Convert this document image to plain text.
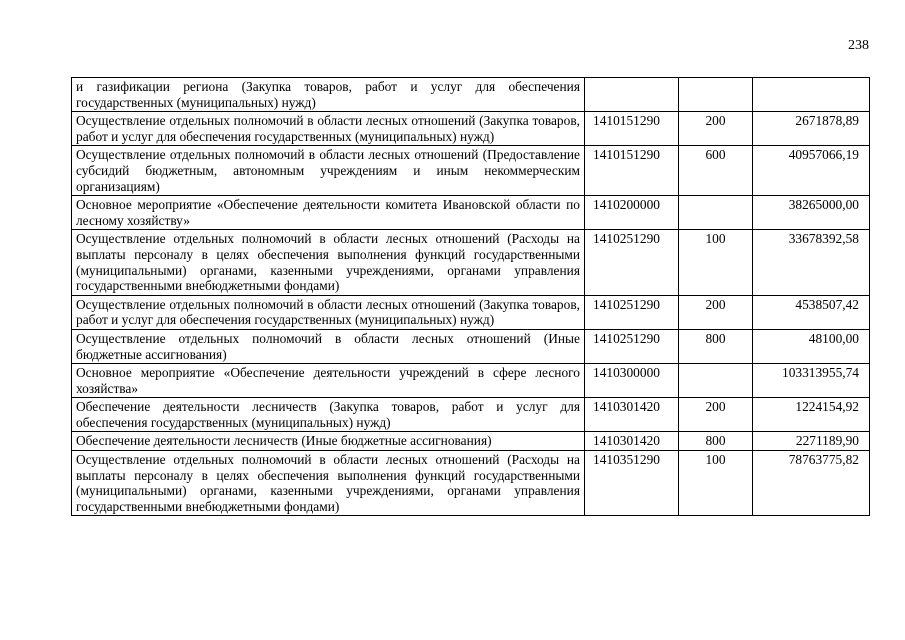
238
и газификации региона (Закупка товаров, работ и услуг для обеспечения государственных (муниципальных) нужд)			
Осуществление отдельных полномочий в области лесных отношений (Закупка товаров, работ и услуг для обеспечения государственных (муниципальных) нужд)	1410151290	200	2671878,89
Осуществление отдельных полномочий в области лесных отношений (Предоставление субсидий бюджетным, автономным учреждениям и иным некоммерческим организациям)	1410151290	600	40957066,19
Основное мероприятие «Обеспечение деятельности комитета Ивановской области по лесному хозяйству»	1410200000		38265000,00
Осуществление отдельных полномочий в области лесных отношений (Расходы на выплаты персоналу в целях обеспечения выполнения функций государственными (муниципальными) органами, казенными учреждениями, органами управления государственными внебюджетными фондами)	1410251290	100	33678392,58
Осуществление отдельных полномочий в области лесных отношений (Закупка товаров, работ и услуг для обеспечения государственных (муниципальных) нужд)	1410251290	200	4538507,42
Осуществление отдельных полномочий в области лесных отношений (Иные бюджетные ассигнования)	1410251290	800	48100,00
Основное мероприятие «Обеспечение деятельности учреждений в сфере лесного хозяйства»	1410300000		103313955,74
Обеспечение деятельности лесничеств (Закупка товаров, работ и услуг для обеспечения государственных (муниципальных) нужд)	1410301420	200	1224154,92
Обеспечение деятельности лесничеств (Иные бюджетные ассигнования)	1410301420	800	2271189,90
Осуществление отдельных полномочий в области лесных отношений (Расходы на выплаты персоналу в целях обеспечения выполнения функций государственными (муниципальными) органами, казенными учреждениями, органами управления государственными внебюджетными фондами)	1410351290	100	78763775,82
